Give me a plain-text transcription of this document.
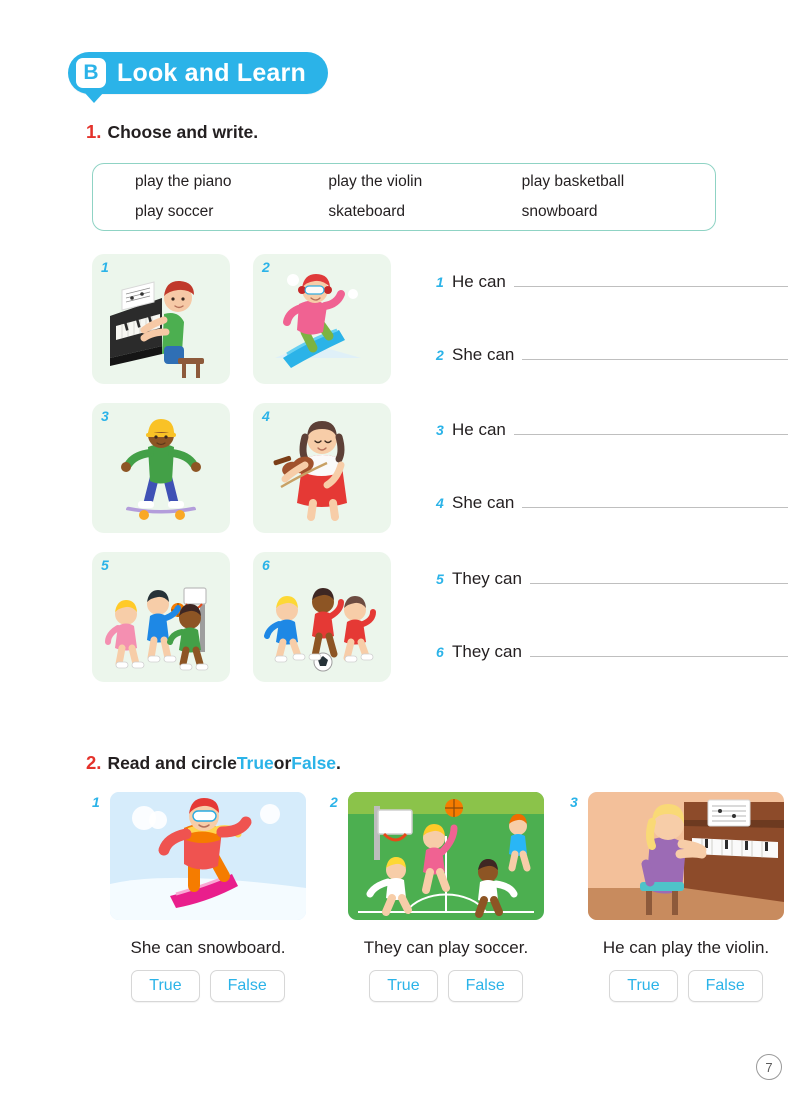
B Look and Learn
1. Choose and write.
play the piano	play the violin	play basketball
play soccer	skateboard	snowboard
1	2
3	4
5	6
1 He can
2 She can
3 He can
4 She can
5 They can
6 They can
2. Read and circle True or False .
1
She can snowboard.
True	False
2
They can play soccer.
True	False
3
He can play the violin.
True	False
7
